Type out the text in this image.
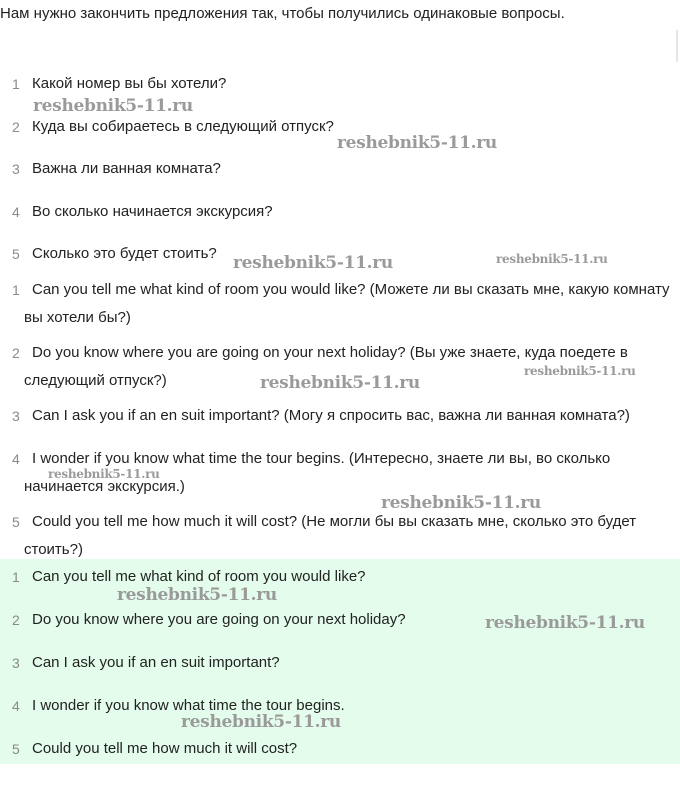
Нам нужно закончить предложения так, чтобы получились одинаковые вопросы.
1 Какой номер вы бы хотели?
2 Куда вы собираетесь в следующий отпуск?
3 Важна ли ванная комната?
4 Во сколько начинается экскурсия?
5 Сколько это будет стоить?
1 Can you tell me what kind of room you would like? (Можете ли вы сказать мне, какую комнату вы хотели бы?)
2 Do you know where you are going on your next holiday? (Вы уже знаете, куда поедете в следующий отпуск?)
3 Can I ask you if an en suit important? (Могу я спросить вас, важна ли ванная комната?)
4 I wonder if you know what time the tour begins. (Интересно, знаете ли вы, во сколько начинается экскурсия.)
5 Could you tell me how much it will cost? (Не могли бы вы сказать мне, сколько это будет стоить?)
1 Can you tell me what kind of room you would like?
2 Do you know where you are going on your next holiday?
3 Can I ask you if an en suit important?
4 I wonder if you know what time the tour begins.
5 Could you tell me how much it will cost?
reshebnik5-11.ru
reshebnik5-11.ru
reshebnik5-11.ru	reshebnik5-11.ru
reshebnik5-11.ru
reshebnik5-11.ru
reshebnik5-11.ru
reshebnik5-11.ru
reshebnik5-11.ru
reshebnik5-11.ru
reshebnik5-11.ru
